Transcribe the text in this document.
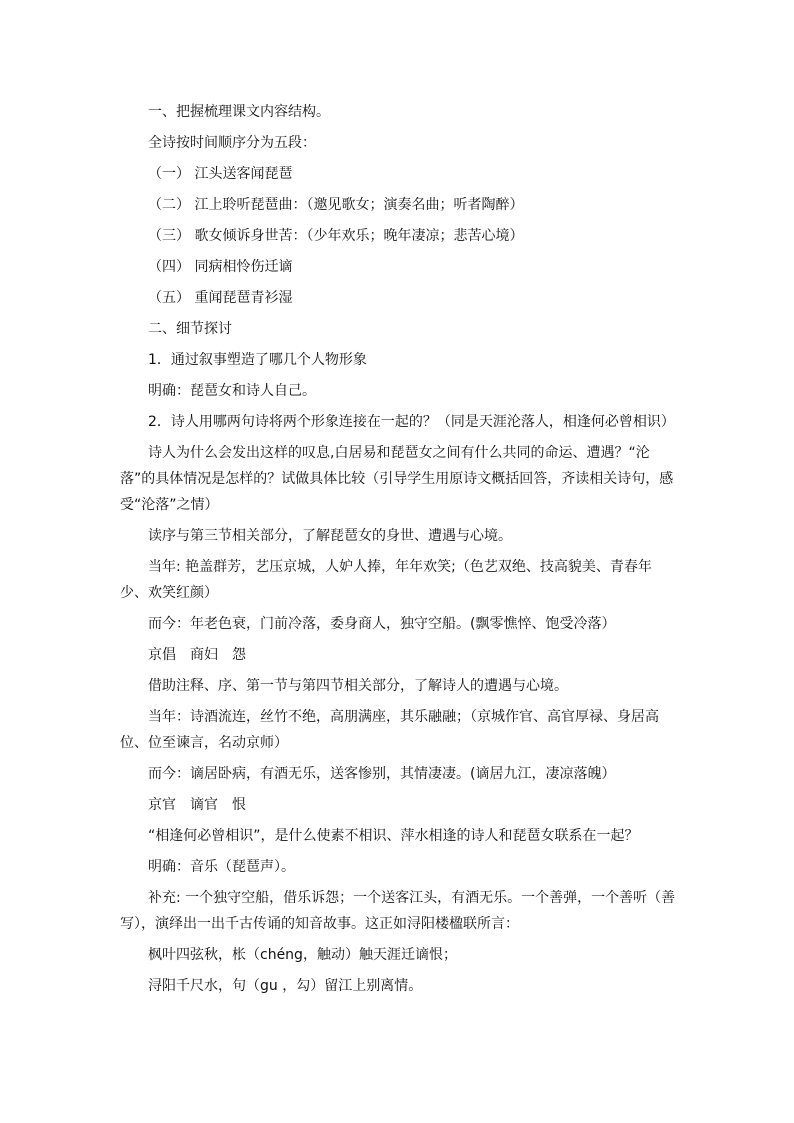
一、把握梳理课文内容结构。

全诗按时间顺序分为五段：

（一） 江头送客闻琵琶

（二） 江上聆听琵琶曲：（邀见歌女；演奏名曲；听者陶醉）

（三） 歌女倾诉身世苦：（少年欢乐；晚年凄凉；悲苦心境）

（四） 同病相怜伤迁谪

（五） 重闻琵琶青衫湿

二、细节探讨

1．通过叙事塑造了哪几个人物形象

明确：琵琶女和诗人自己。

2．诗人用哪两句诗将两个形象连接在一起的？（同是天涯沦落人，相逢何必曾相识）

诗人为什么会发出这样的叹息,白居易和琵琶女之间有什么共同的命运、遭遇？“沦落”的具体情况是怎样的？试做具体比较（引导学生用原诗文概括回答，齐读相关诗句，感受“沦落”之情）

读序与第三节相关部分，了解琵琶女的身世、遭遇与心境。

当年: 艳盖群芳，艺压京城，人妒人捧，年年欢笑;（色艺双绝、技高貌美、青春年少、欢笑红颜）

而今：年老色衰，门前冷落，委身商人，独守空船。(飘零憔悴、饱受冷落）

京倡 商妇 怨

借助注释、序、第一节与第四节相关部分，了解诗人的遭遇与心境。

当年：诗酒流连，丝竹不绝，高朋满座，其乐融融；（京城作官、高官厚禄、身居高位、位至谏言，名动京师）

而今：谪居卧病，有酒无乐，送客惨别，其情凄凄。(谪居九江，凄凉落魄）

京官 谪官 恨

“相逢何必曾相识”，是什么使素不相识、萍水相逢的诗人和琵琶女联系在一起？

明确：音乐（琵琶声）。

补充: 一个独守空船，借乐诉怨；一个送客江头，有酒无乐。一个善弹，一个善听（善写），演绎出一出千古传诵的知音故事。这正如浔阳楼楹联所言：

枫叶四弦秋，枨（chéng，触动）触天涯迁谪恨；

浔阳千尺水，句（gu ，勾）留江上别离情。
